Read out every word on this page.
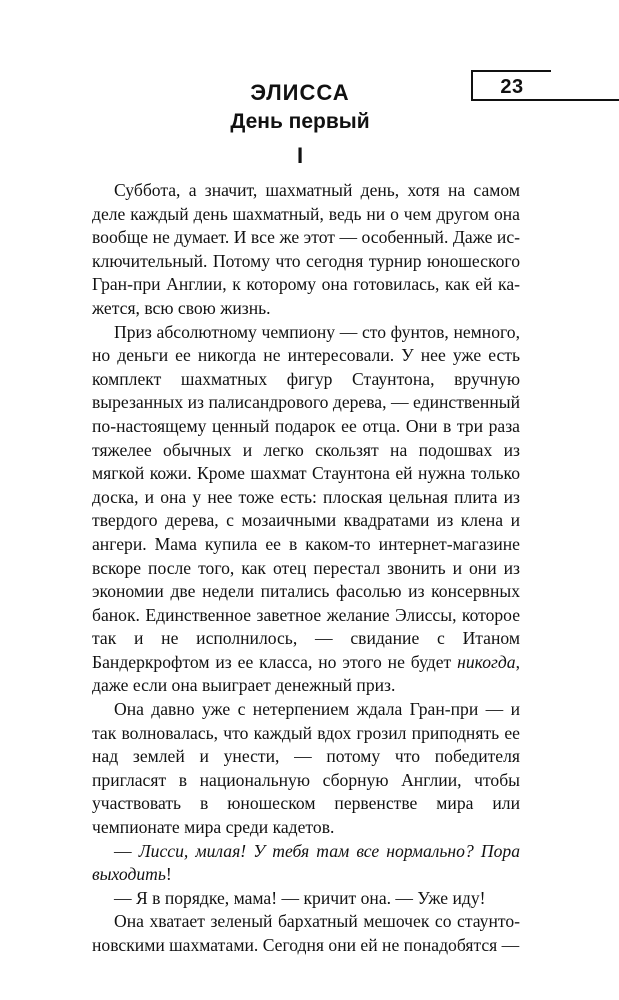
23
ЭЛИССА
День первый
I

Суббота, а значит, шахматный день, хотя на самом деле каждый день шахматный, ведь ни о чем другом она вообще не думает. И все же этот — особенный. Даже исключительный. Потому что сегодня турнир юношеского Гран-при Англии, к которому она готовилась, как ей кажется, всю свою жизнь.

Приз абсолютному чемпиону — сто фунтов, немного, но деньги ее никогда не интересовали. У нее уже есть комплект шахматных фигур Стаунтона, вручную вырезанных из палисандрового дерева, — единственный по-настоящему ценный подарок ее отца. Они в три раза тяжелее обычных и легко скользят на подошвах из мягкой кожи. Кроме шахмат Стаунтона ей нужна только доска, и она у нее тоже есть: плоская цельная плита из твердого дерева, с мозаичными квадратами из клена и ангери. Мама купила ее в каком-то интернет-магазине вскоре после того, как отец перестал звонить и они из экономии две недели питались фасолью из консервных банок. Единственное заветное желание Элиссы, которое так и не исполнилось, — свидание с Итаном Бандеркрофтом из ее класса, но этого не будет никогда, даже если она выиграет денежный приз.

Она давно уже с нетерпением ждала Гран-при — и так волновалась, что каждый вдох грозил приподнять ее над землей и унести, — потому что победителя пригласят в национальную сборную Англии, чтобы участвовать в юношеском первенстве мира или чемпионате мира среди кадетов.

— Лисси, милая! У тебя там все нормально? Пора выходить!

— Я в порядке, мама! — кричит она. — Уже иду!

Она хватает зеленый бархатный мешочек со стаунтоновскими шахматами. Сегодня они ей не понадобятся —
